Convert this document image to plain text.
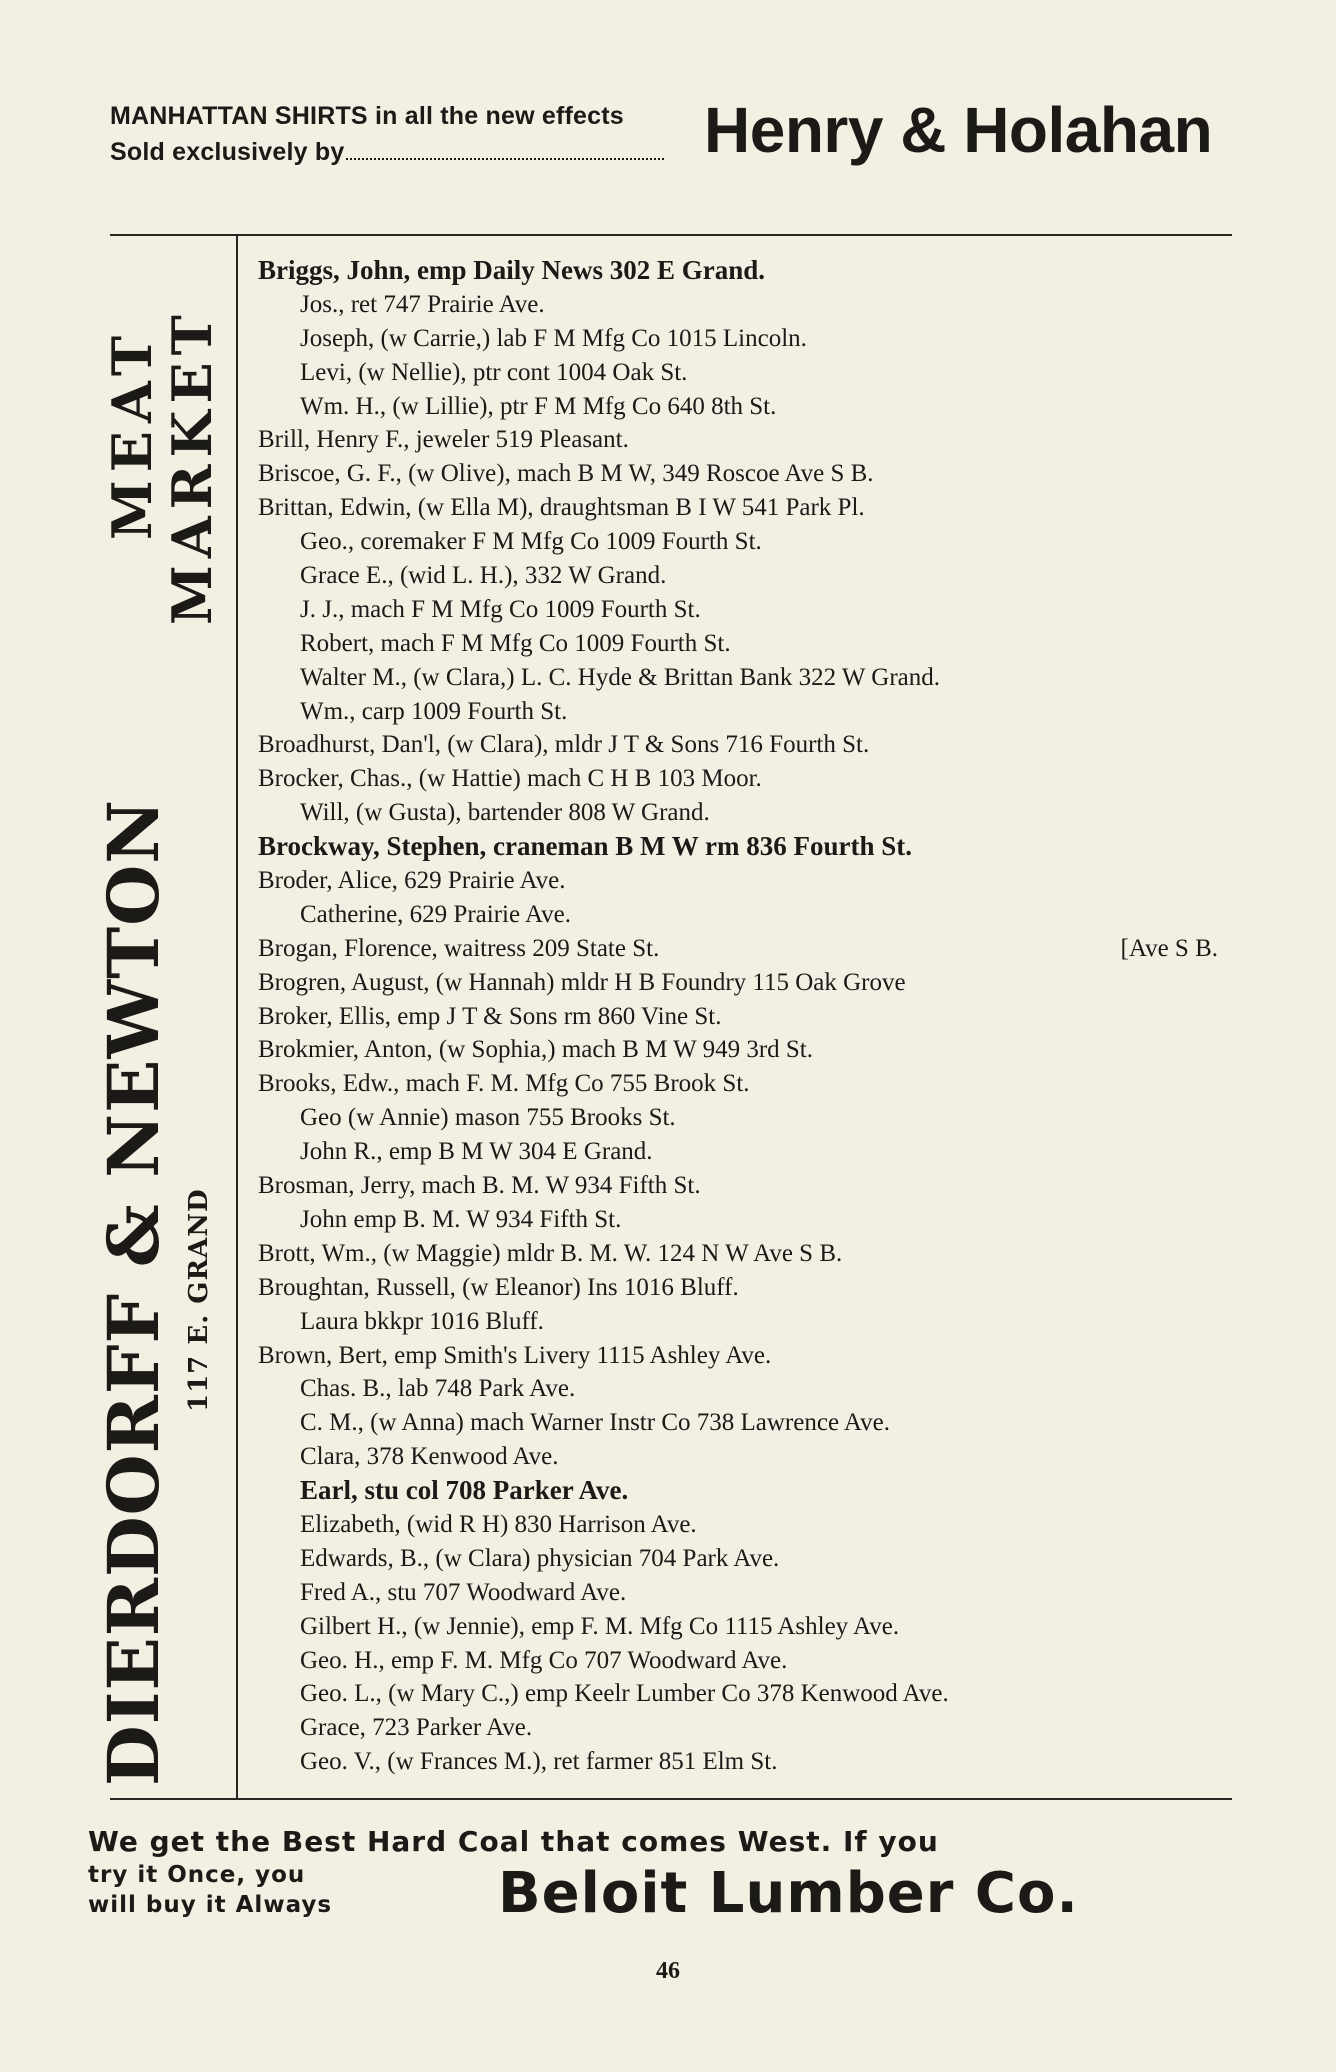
MANHATTAN SHIRTS in all the new effects
Sold exclusively by	Henry & Holahan
MEAT
MARKET
DIERDORFF & NEWTON 117 E. GRAND
Briggs, John, emp Daily News 302 E Grand.
Jos., ret 747 Prairie Ave.
Joseph, (w Carrie,) lab F M Mfg Co 1015 Lincoln.
Levi, (w Nellie), ptr cont 1004 Oak St.
Wm. H., (w Lillie), ptr F M Mfg Co 640 8th St.
Brill, Henry F., jeweler 519 Pleasant.
Briscoe, G. F., (w Olive), mach B M W, 349 Roscoe Ave S B.
Brittan, Edwin, (w Ella M), draughtsman B I W 541 Park Pl.
Geo., coremaker F M Mfg Co 1009 Fourth St.
Grace E., (wid L. H.), 332 W Grand.
J. J., mach F M Mfg Co 1009 Fourth St.
Robert, mach F M Mfg Co 1009 Fourth St.
Walter M., (w Clara,) L. C. Hyde & Brittan Bank 322 W Grand.
Wm., carp 1009 Fourth St.
Broadhurst, Dan'l, (w Clara), mldr J T & Sons 716 Fourth St.
Brocker, Chas., (w Hattie) mach C H B 103 Moor.
Will, (w Gusta), bartender 808 W Grand.
Brockway, Stephen, craneman B M W rm 836 Fourth St.
Broder, Alice, 629 Prairie Ave.
Catherine, 629 Prairie Ave.
Brogan, Florence, waitress 209 State St.	[Ave S B.
Brogren, August, (w Hannah) mldr H B Foundry 115 Oak Grove
Broker, Ellis, emp J T & Sons rm 860 Vine St.
Brokmier, Anton, (w Sophia,) mach B M W 949 3rd St.
Brooks, Edw., mach F. M. Mfg Co 755 Brook St.
Geo (w Annie) mason 755 Brooks St.
John R., emp B M W 304 E Grand.
Brosman, Jerry, mach B. M. W 934 Fifth St.
John emp B. M. W 934 Fifth St.
Brott, Wm., (w Maggie) mldr B. M. W. 124 N W Ave S B.
Broughtan, Russell, (w Eleanor) Ins 1016 Bluff.
Laura bkkpr 1016 Bluff.
Brown, Bert, emp Smith's Livery 1115 Ashley Ave.
Chas. B., lab 748 Park Ave.
C. M., (w Anna) mach Warner Instr Co 738 Lawrence Ave.
Clara, 378 Kenwood Ave.
Earl, stu col 708 Parker Ave.
Elizabeth, (wid R H) 830 Harrison Ave.
Edwards, B., (w Clara) physician 704 Park Ave.
Fred A., stu 707 Woodward Ave.
Gilbert H., (w Jennie), emp F. M. Mfg Co 1115 Ashley Ave.
Geo. H., emp F. M. Mfg Co 707 Woodward Ave.
Geo. L., (w Mary C.,) emp Keelr Lumber Co 378 Kenwood Ave.
Grace, 723 Parker Ave.
Geo. V., (w Frances M.), ret farmer 851 Elm St.
We get the Best Hard Coal that comes West. If you
try it Once, you
will buy it Always	Beloit Lumber Co.
46
